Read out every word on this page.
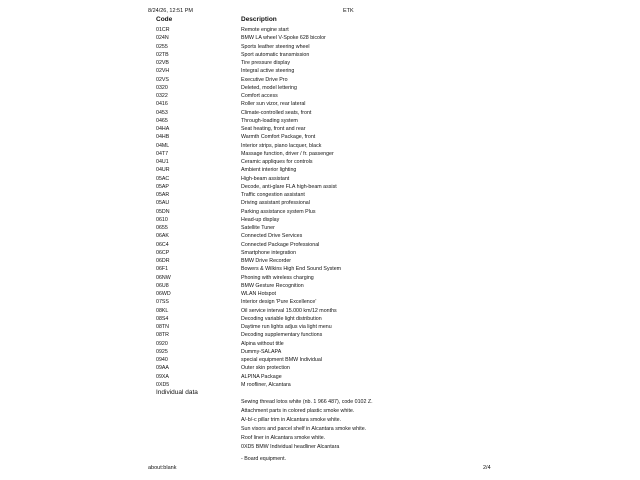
8/24/26, 12:51 PM	ETK
Code	Description
01CR	Remote engine start
024N	BMW LA wheel V-Spoke 628 bicolor
0255	Sports leather steering wheel
02TB	Sport automatic transmission
02VB	Tire pressure display
02VH	Integral active steering
02VS	Executive Drive Pro
0320	Deleted, model lettering
0322	Comfort access
0416	Roller sun vizor, rear lateral
0453	Climate-controlled seats, front
0465	Through-loading system
04HA	Seat heating, front and rear
04HB	Warmth Comfort Package, front
04ML	Interior strips, piano lacquer, black
04T7	Massage function, driver / fr. passenger
04U1	Ceramic appliques for controls
04UR	Ambient interior lighting
05AC	High-beam assistant
05AP	Decode, anti-glare FLA high-beam assist
05AR	Traffic congestion assistant
05AU	Driving assistant professional
05DN	Parking assistance system Plus
0610	Head-up display
0655	Satellite Tuner
06AK	Connected Drive Services
06C4	Connected Package Professional
06CP	Smartphone integration
06DR	BMW Drive Recorder
06F1	Bowers & Wilkins High End Sound System
06NW	Phoning with wireless charging
06U8	BMW Gesture Recognition
06WD	WLAN Hotspot
07SS	Interior design 'Pure Excellence'
08KL	Oil service interval 15.000 km/12 months
08S4	Decoding variable light distribution
08TN	Daytime run lights adjus via light menu
08TR	Decoding supplementary functions
0920	Alpina without title
0925	Dummy-SALAPA
0940	special equipment BMW Individual
09AA	Outer skin protection
09XA	ALPINA Package
0XD5	M roofliner, Alcantara
Individual data
Sewing thread lotos white (nb. 1 966 487), code 0102 Z.
Attachment parts in colored plastic smoke white.
A/-b/-c pillar trim in Alcantara smoke white.
Sun visors and parcel shelf in Alcantara smoke white.
Roof liner in Alcantara smoke white.
0XD5 BMW Individual headliner Alcantara
- Board equipment.
about:blank	2/4
